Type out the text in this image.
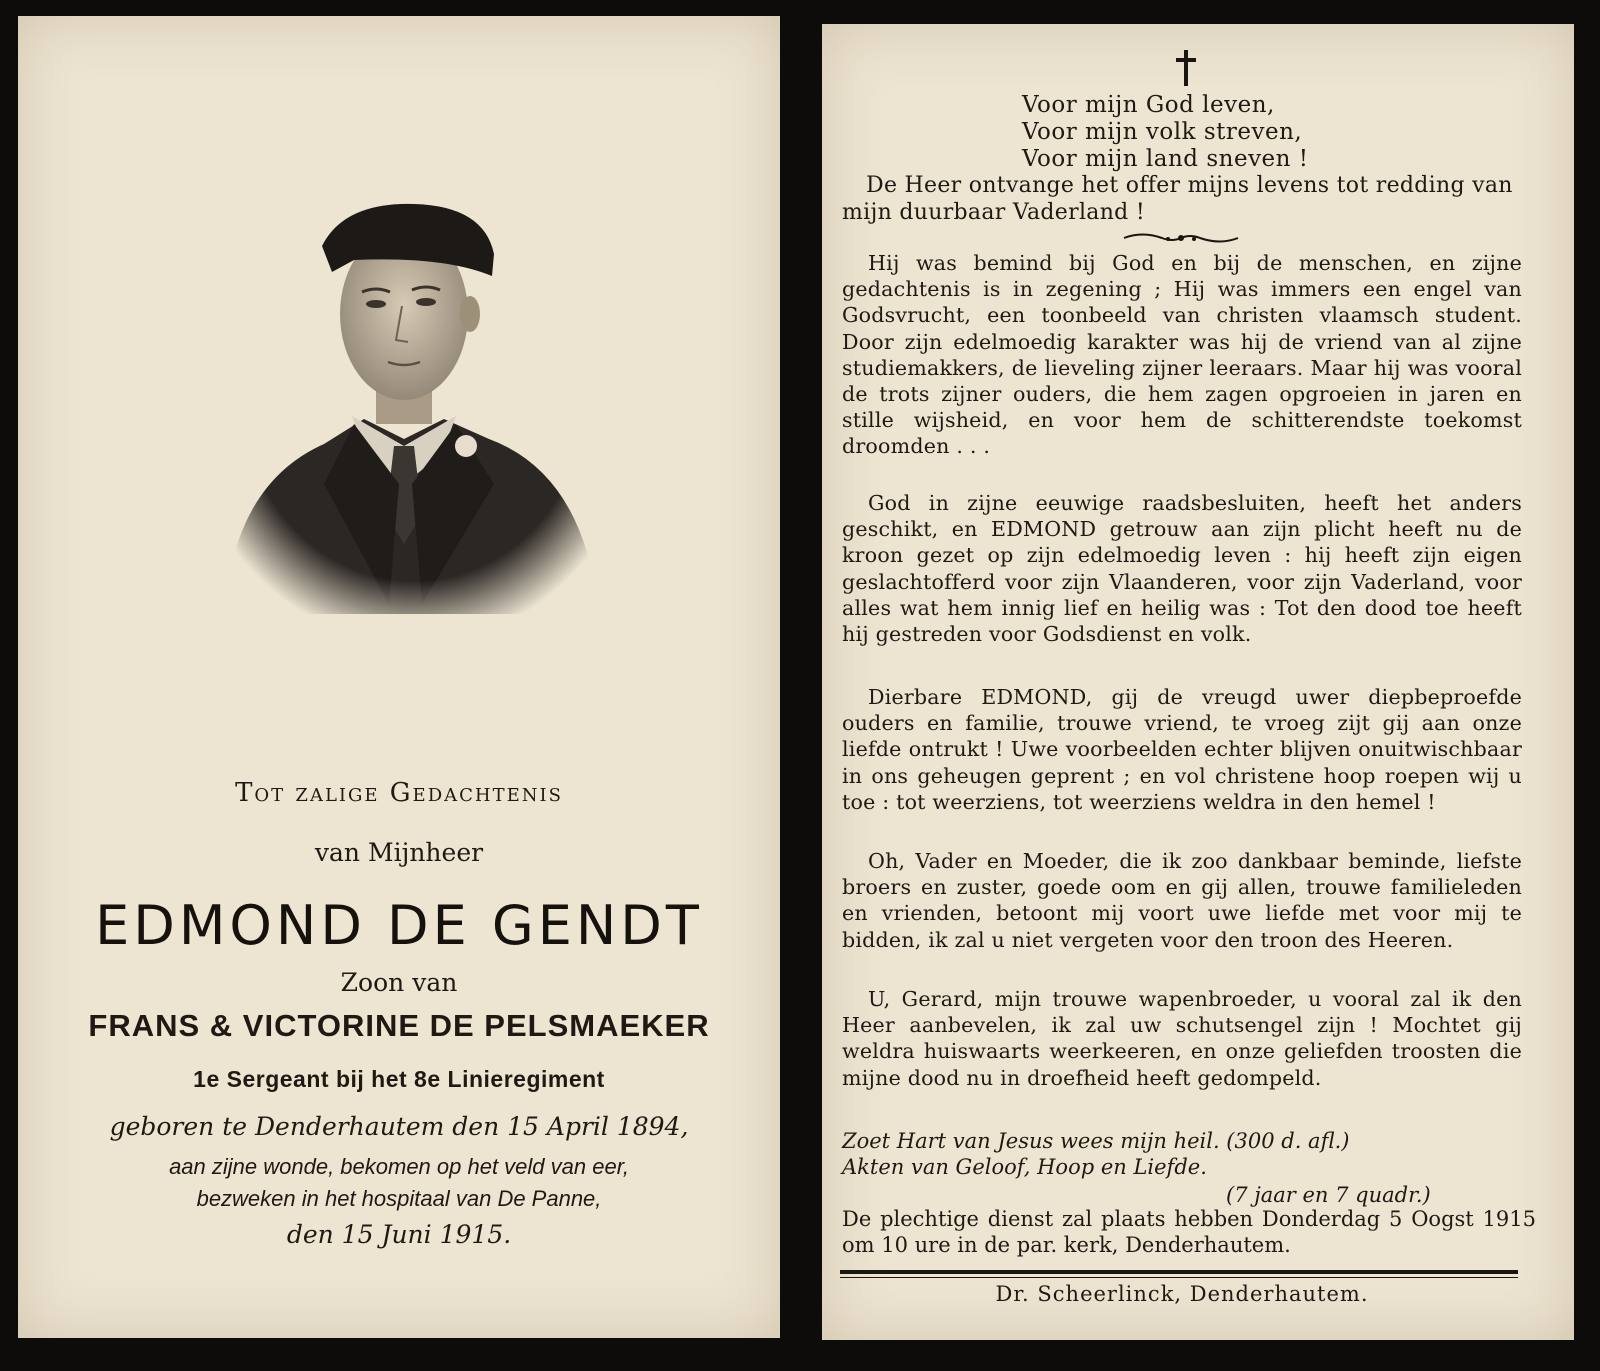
Tot zalige Gedachtenis
van Mijnheer
EDMOND DE GENDT
Zoon van
FRANS & VICTORINE DE PELSMAEKER
1e Sergeant bij het 8e Linieregiment
geboren te Denderhautem den 15 April 1894,
aan zijne wonde, bekomen op het veld van eer,
bezweken in het hospitaal van De Panne,
den 15 Juni 1915.
Voor mijn God leven,
Voor mijn volk streven,
Voor mijn land sneven !
De Heer ontvange het offer mijns levens tot redding van mijn duurbaar Vaderland !
Hij was bemind bij God en bij de menschen, en zijne gedachtenis is in zegening ; Hij was immers een engel van Godsvrucht, een toonbeeld van christen vlaamsch student. Door zijn edelmoedig karakter was hij de vriend van al zijne studiemakkers, de lieveling zijner leeraars. Maar hij was vooral de trots zijner ouders, die hem zagen opgroeien in jaren en stille wijsheid, en voor hem de schitterendste toekomst droomden . . .
God in zijne eeuwige raadsbesluiten, heeft het anders geschikt, en EDMOND getrouw aan zijn plicht heeft nu de kroon gezet op zijn edelmoedig leven : hij heeft zijn eigen geslachtofferd voor zijn Vlaanderen, voor zijn Vaderland, voor alles wat hem innig lief en heilig was : Tot den dood toe heeft hij gestreden voor Godsdienst en volk.
Dierbare EDMOND, gij de vreugd uwer diepbeproefde ouders en familie, trouwe vriend, te vroeg zijt gij aan onze liefde ontrukt ! Uwe voorbeelden echter blijven onuitwischbaar in ons geheugen geprent ; en vol christene hoop roepen wij u toe : tot weerziens, tot weerziens weldra in den hemel !
Oh, Vader en Moeder, die ik zoo dankbaar beminde, liefste broers en zuster, goede oom en gij allen, trouwe familieleden en vrienden, betoont mij voort uwe liefde met voor mij te bidden, ik zal u niet vergeten voor den troon des Heeren.
U, Gerard, mijn trouwe wapenbroeder, u vooral zal ik den Heer aanbevelen, ik zal uw schutsengel zijn ! Mochtet gij weldra huiswaarts weerkeeren, en onze geliefden troosten die mijne dood nu in droefheid heeft gedompeld.
Zoet Hart van Jesus wees mijn heil. (300 d. afl.)
Akten van Geloof, Hoop en Liefde.
(7 jaar en 7 quadr.)
De plechtige dienst zal plaats hebben Donderdag 5 Oogst 1915 om 10 ure in de par. kerk, Denderhautem.
Dr. Scheerlinck, Denderhautem.
